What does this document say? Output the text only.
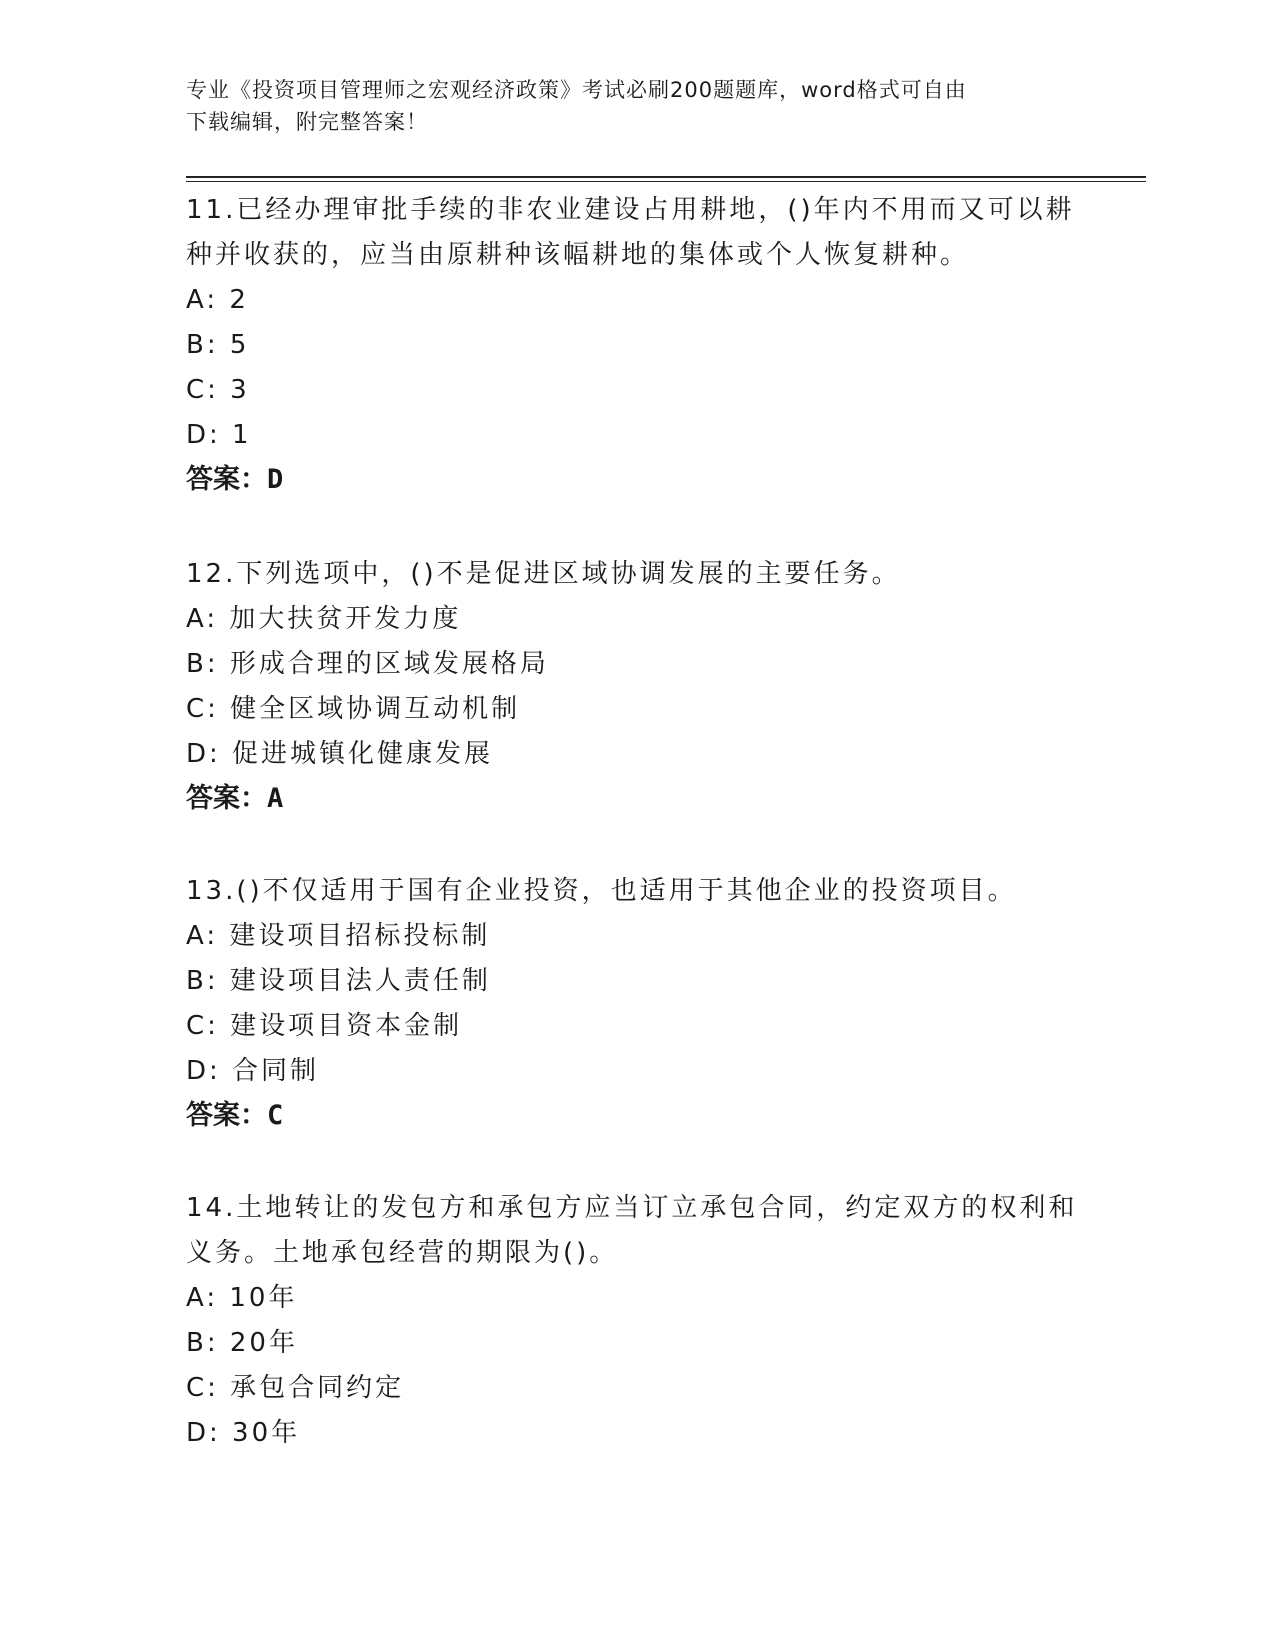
专业《投资项目管理师之宏观经济政策》考试必刷200题题库，word格式可自由
下载编辑，附完整答案！

11.已经办理审批手续的非农业建设占用耕地，()年内不用而又可以耕种并收获的，应当由原耕种该幅耕地的集体或个人恢复耕种。

A: 2
B: 5
C: 3
D: 1
答案：D

12.下列选项中，()不是促进区域协调发展的主要任务。

A: 加大扶贫开发力度
B: 形成合理的区域发展格局
C: 健全区域协调互动机制
D: 促进城镇化健康发展
答案：A

13.()不仅适用于国有企业投资，也适用于其他企业的投资项目。

A: 建设项目招标投标制
B: 建设项目法人责任制
C: 建设项目资本金制
D: 合同制
答案：C

14.土地转让的发包方和承包方应当订立承包合同，约定双方的权利和义务。土地承包经营的期限为()。

A: 10年
B: 20年
C: 承包合同约定
D: 30年
